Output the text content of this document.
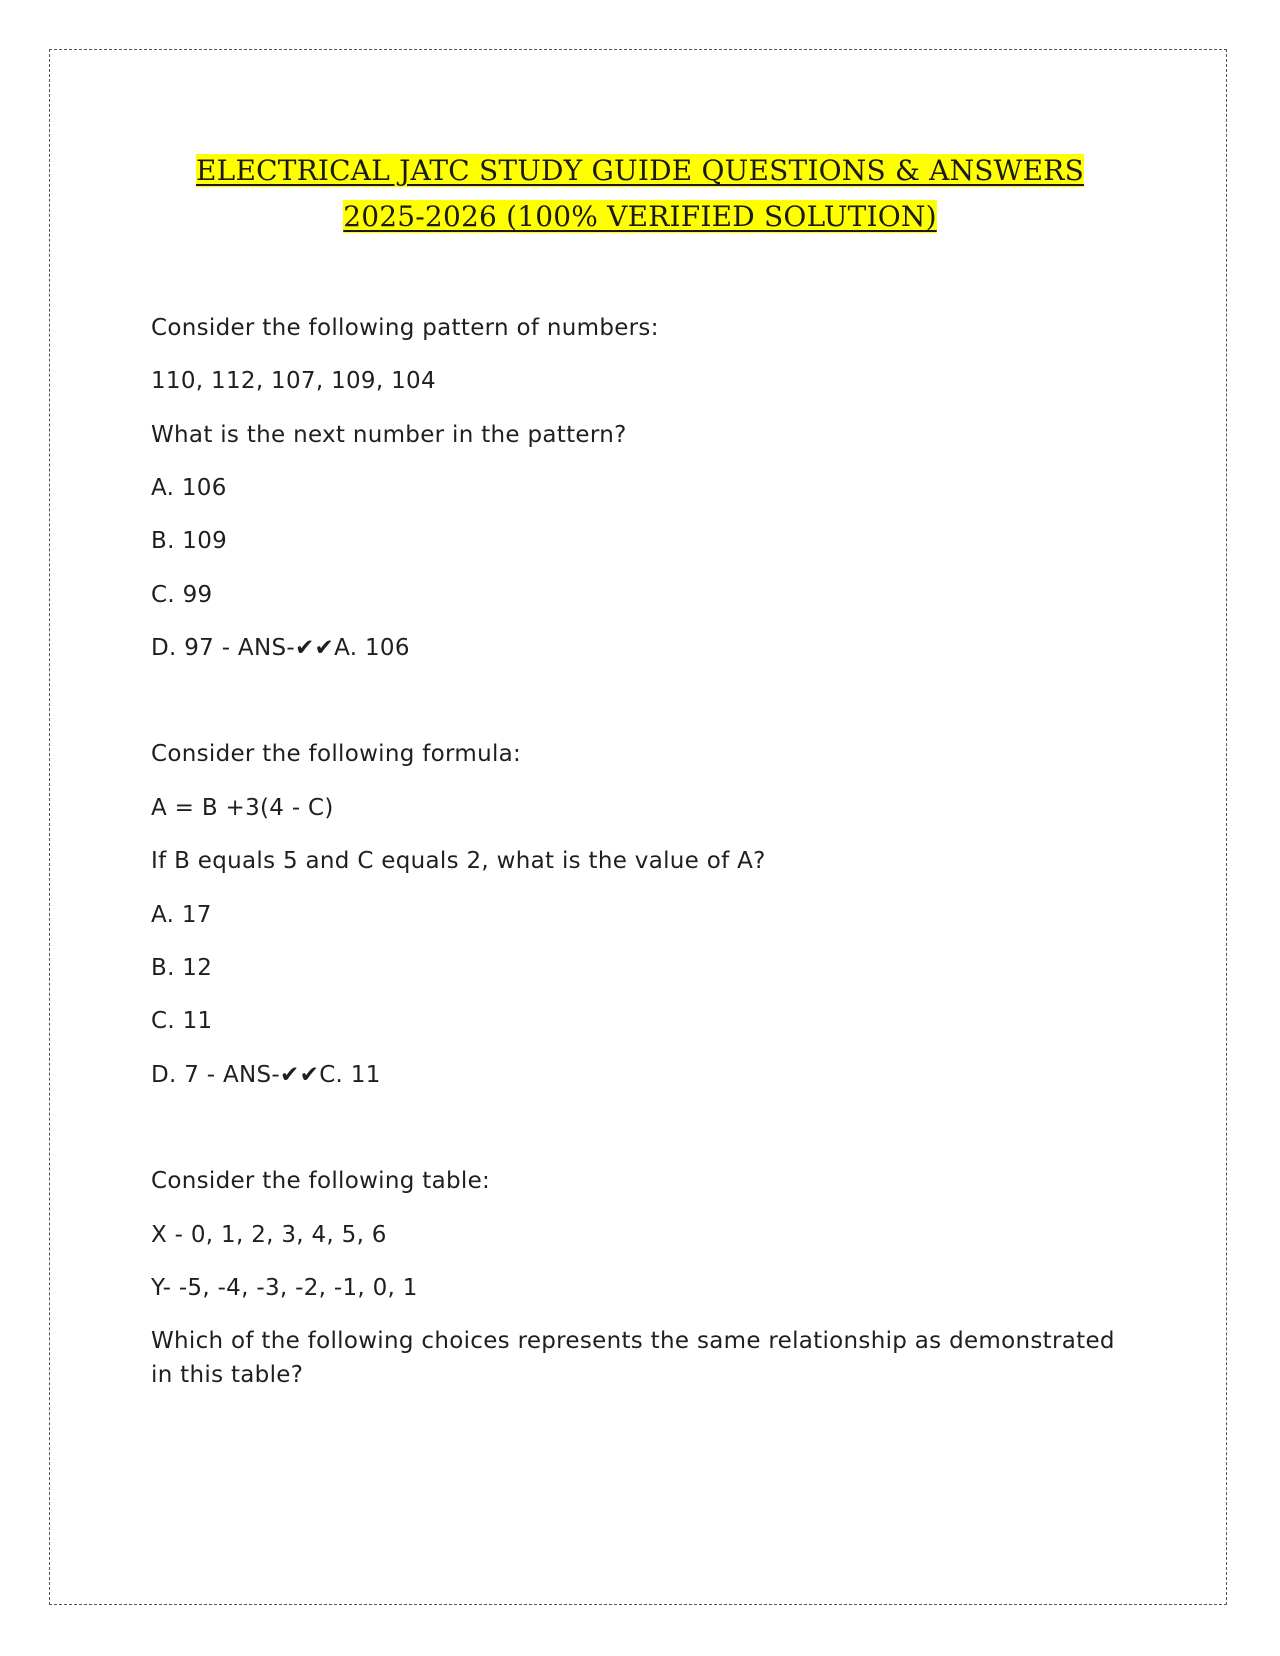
ELECTRICAL JATC STUDY GUIDE QUESTIONS & ANSWERS
2025-2026 (100% VERIFIED SOLUTION)
Consider the following pattern of numbers:
110, 112, 107, 109, 104
What is the next number in the pattern?
A. 106
B. 109
C. 99
D. 97 - ANS-✔✔A. 106
Consider the following formula:
A = B +3(4 - C)
If B equals 5 and C equals 2, what is the value of A?
A. 17
B. 12
C. 11
D. 7 - ANS-✔✔C. 11
Consider the following table:
X - 0, 1, 2, 3, 4, 5, 6
Y- -5, -4, -3, -2, -1, 0, 1
Which of the following choices represents the same relationship as demonstrated in this table?
